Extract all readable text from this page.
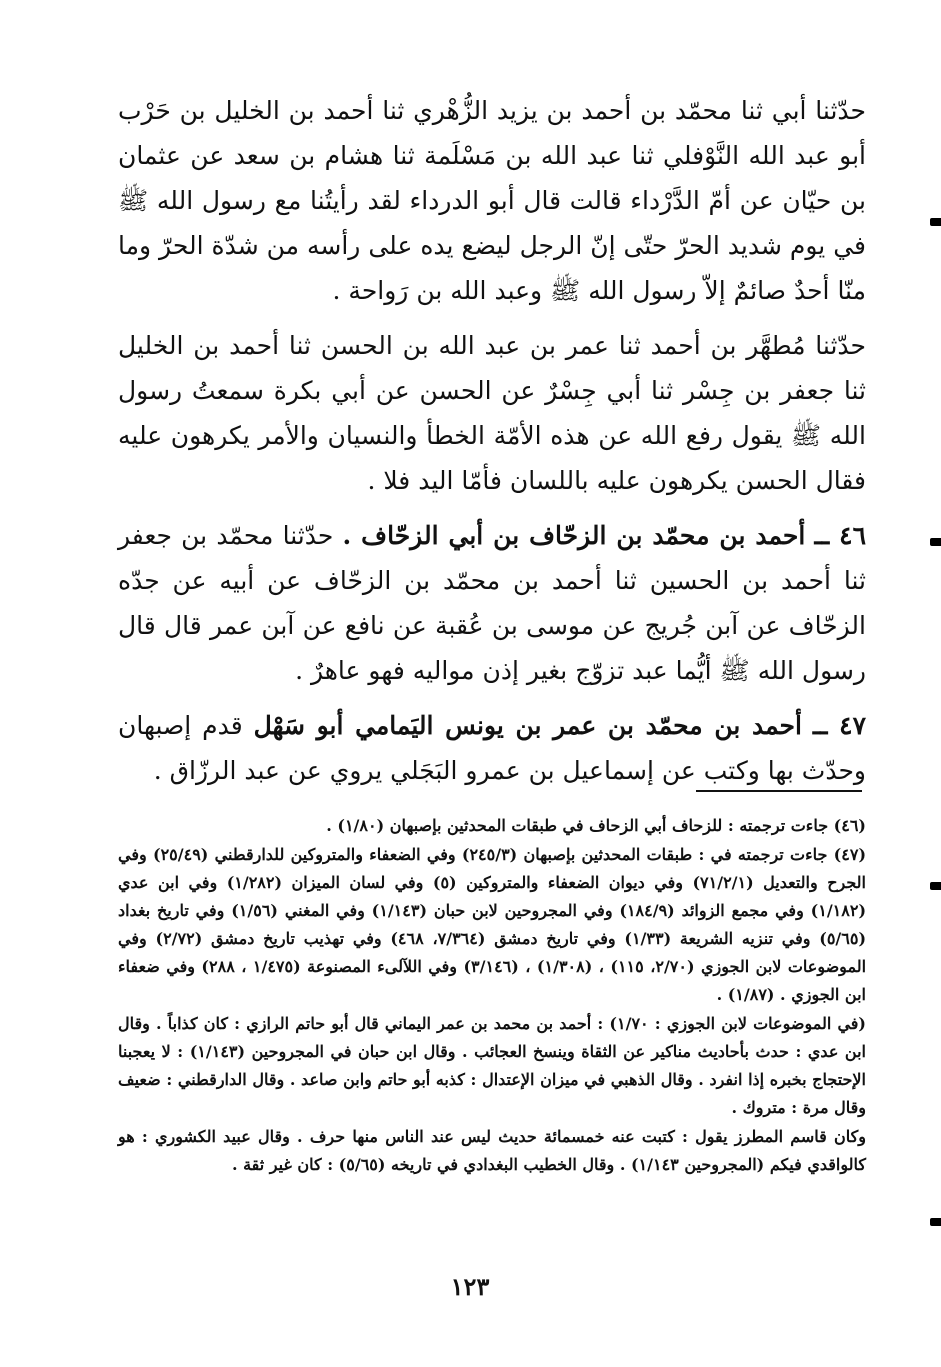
حدّثنا أبي ثنا محمّد بن أحمد بن يزيد الزُّهْري ثنا أحمد بن الخليل بن حَرْب أبو عبد الله النَّوْفلي ثنا عبد الله بن مَسْلَمة ثنا هشام بن سعد عن عثمان بن حيّان عن أمّ الدَّرْداء قالت قال أبو الدرداء لقد رأيتُنا مع رسول الله ﷺ في يوم شديد الحرّ حتّى إنّ الرجل ليضع يده على رأسه من شدّة الحرّ وما منّا أحدٌ صائمٌ إلاّ رسول الله ﷺ وعبد الله بن رَواحة .

حدّثنا مُطهَّر بن أحمد ثنا عمر بن عبد الله بن الحسن ثنا أحمد بن الخليل ثنا جعفر بن جِسْر ثنا أبي جِسْرٌ عن الحسن عن أبي بكرة سمعتُ رسول الله ﷺ يقول رفع الله عن هذه الأمّة الخطأ والنسيان والأمر يكرهون عليه فقال الحسن يكرهون عليه باللسان فأمّا اليد فلا .

٤٦ ــ أحمد بن محمّد بن الزحّاف بن أبي الزحّاف . حدّثنا محمّد بن جعفر ثنا أحمد بن الحسين ثنا أحمد بن محمّد بن الزحّاف عن أبيه عن جدّه الزحّاف عن آبن جُريج عن موسى بن عُقبة عن نافع عن آبن عمر قال قال رسول الله ﷺ أيُّما عبد تزوّج بغير إذن مواليه فهو عاهرٌ .

٤٧ ــ أحمد بن محمّد بن عمر بن يونس اليَمامي أبو سَهْل قدم إصبهان وحدّث بها وكتب عن إسماعيل بن عمرو البَجَلي يروي عن عبد الرزّاق .

(٤٦) جاءت ترجمته : للزحاف أبي الزحاف في طبقات المحدثين بإصبهان (١/٨٠) .

(٤٧) جاءت ترجمته في : طبقات المحدثين بإصبهان (٢٤٥/٣) وفي الضعفاء والمتروكين للدارقطني (٢٥/٤٩) وفي الجرح والتعديل (٧١/٢/١) وفي ديوان الضعفاء والمتروكين (٥) وفي لسان الميزان (١/٢٨٢) وفي ابن عدي (١/١٨٢) وفي مجمع الزوائد (١٨٤/٩) وفي المجروحين لابن حبان (١/١٤٣) وفي المغني (١/٥٦) وفي تاريخ بغداد (٥/٦٥) وفي تنزيه الشريعة (١/٣٣) وفي تاريخ دمشق (٧/٣٦٤، ٤٦٨) وفي تهذيب تاريخ دمشق (٢/٧٢) وفي الموضوعات لابن الجوزي (٢/٧٠، ١١٥) ، (١/٣٠٨) ، (٣/١٤٦) وفي اللآلىء المصنوعة (١/٤٧٥ ، ٢٨٨) وفي ضعفاء ابن الجوزي . (١/٨٧) .

(في الموضوعات لابن الجوزي : ١/٧٠) : أحمد بن محمد بن عمر اليماني قال أبو حاتم الرازي : كان كذاباً . وقال ابن عدي : حدث بأحاديث مناكير عن الثقاة وينسخ العجائب . وقال ابن حبان في المجروحين (١/١٤٣) : لا يعجبنا الإحتجاج بخبره إذا انفرد . وقال الذهبي في ميزان الإعتدال : كذبه أبو حاتم وابن صاعد . وقال الدارقطني : ضعيف وقال مرة : متروك .

وكان قاسم المطرز يقول : كتبت عنه خمسمائة حديث ليس عند الناس منها حرف . وقال عبيد الكشوري : هو كالواقدي فيكم (المجروحين ١/١٤٣) . وقال الخطيب البغدادي في تاريخه (٥/٦٥) : كان غير ثقة .

١٢٣
